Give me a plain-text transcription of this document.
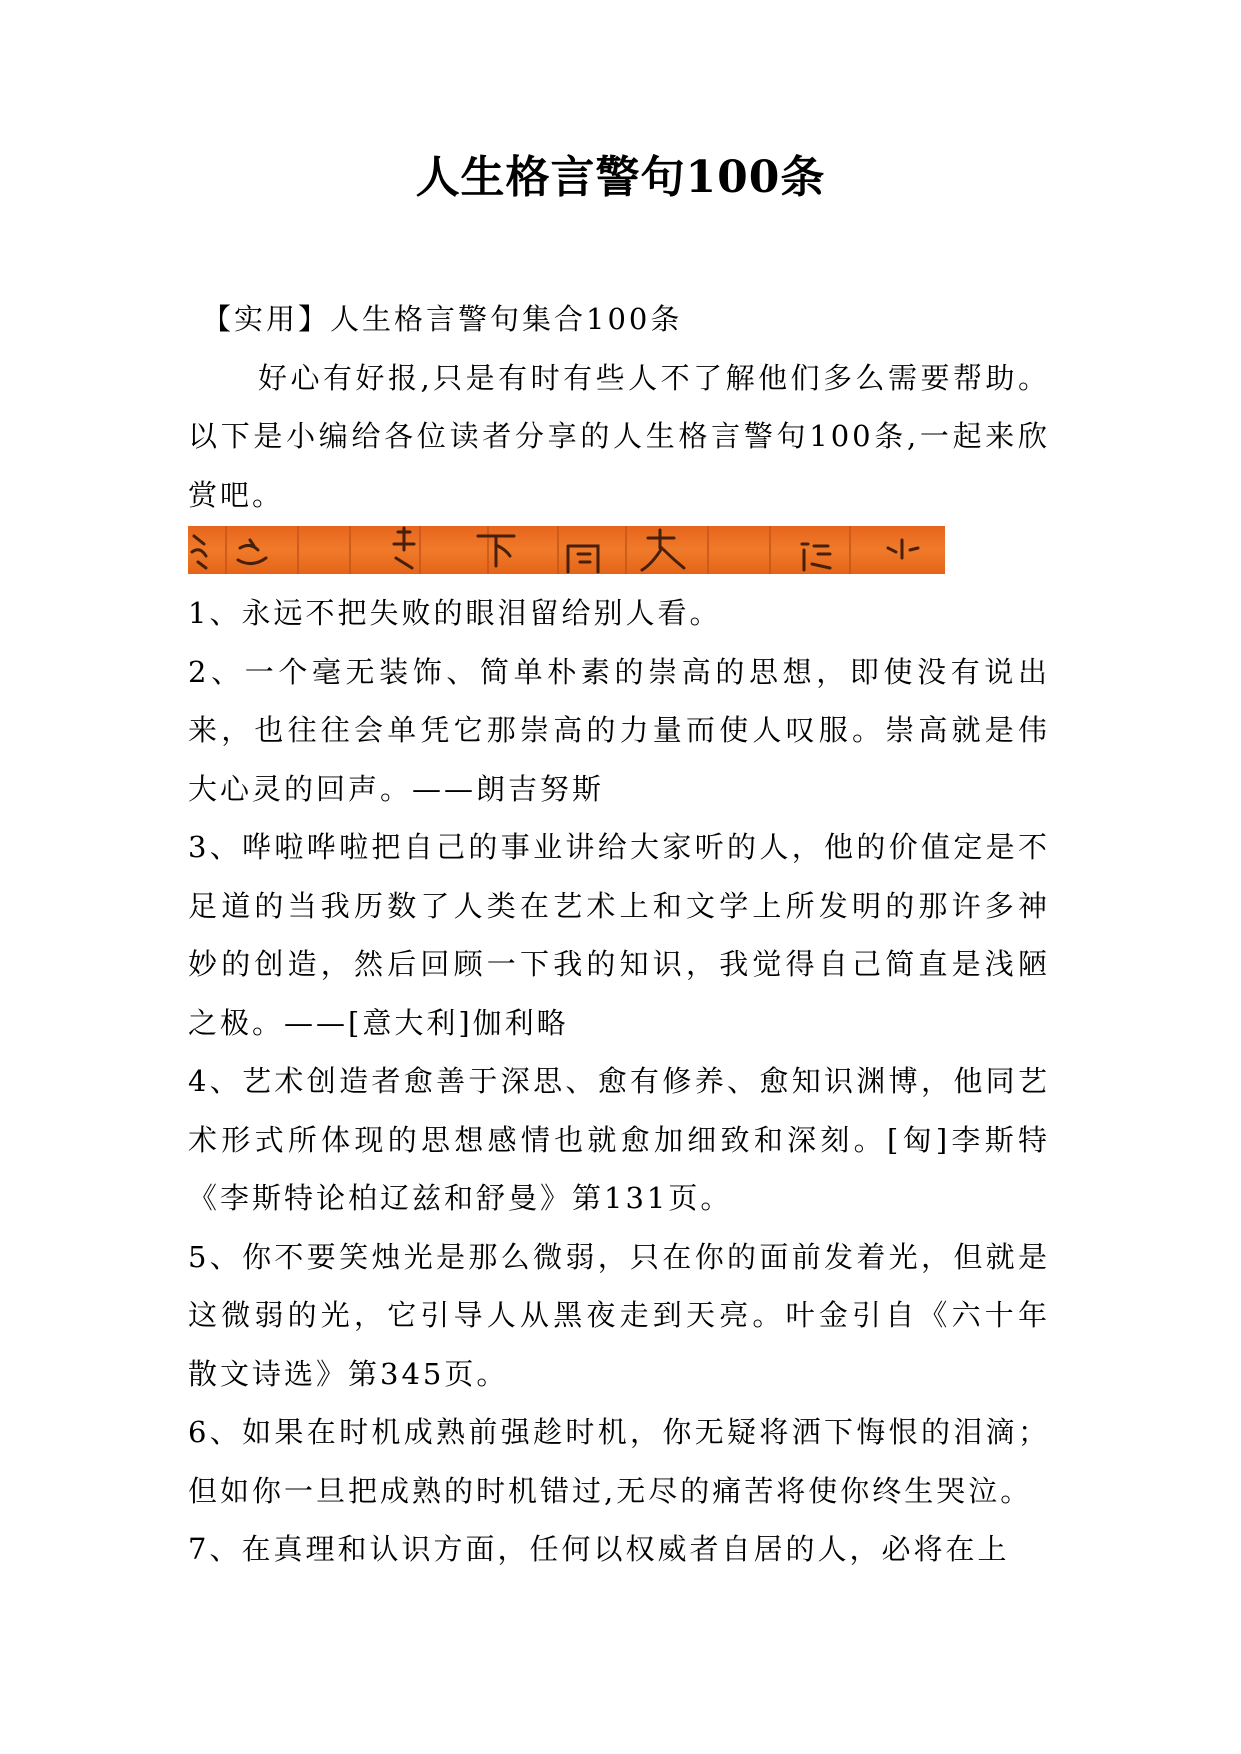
人生格言警句100条

【实用】人生格言警句集合100条

好心有好报,只是有时有些人不了解他们多么需要帮助。以下是小编给各位读者分享的人生格言警句100条,一起来欣赏吧。

1、永远不把失败的眼泪留给别人看。

2、一个毫无装饰、简单朴素的崇高的思想，即使没有说出来，也往往会单凭它那崇高的力量而使人叹服。崇高就是伟大心灵的回声。——朗吉努斯

3、哗啦哗啦把自己的事业讲给大家听的人，他的价值定是不足道的当我历数了人类在艺术上和文学上所发明的那许多神妙的创造，然后回顾一下我的知识，我觉得自己简直是浅陋之极。——[意大利]伽利略

4、艺术创造者愈善于深思、愈有修养、愈知识渊博，他同艺术形式所体现的思想感情也就愈加细致和深刻。[匈]李斯特《李斯特论柏辽兹和舒曼》第131页。

5、你不要笑烛光是那么微弱，只在你的面前发着光，但就是这微弱的光，它引导人从黑夜走到天亮。叶金引自《六十年散文诗选》第345页。

6、如果在时机成熟前强趁时机，你无疑将洒下悔恨的泪滴；但如你一旦把成熟的时机错过,无尽的痛苦将使你终生哭泣。

7、在真理和认识方面，任何以权威者自居的人，必将在上
